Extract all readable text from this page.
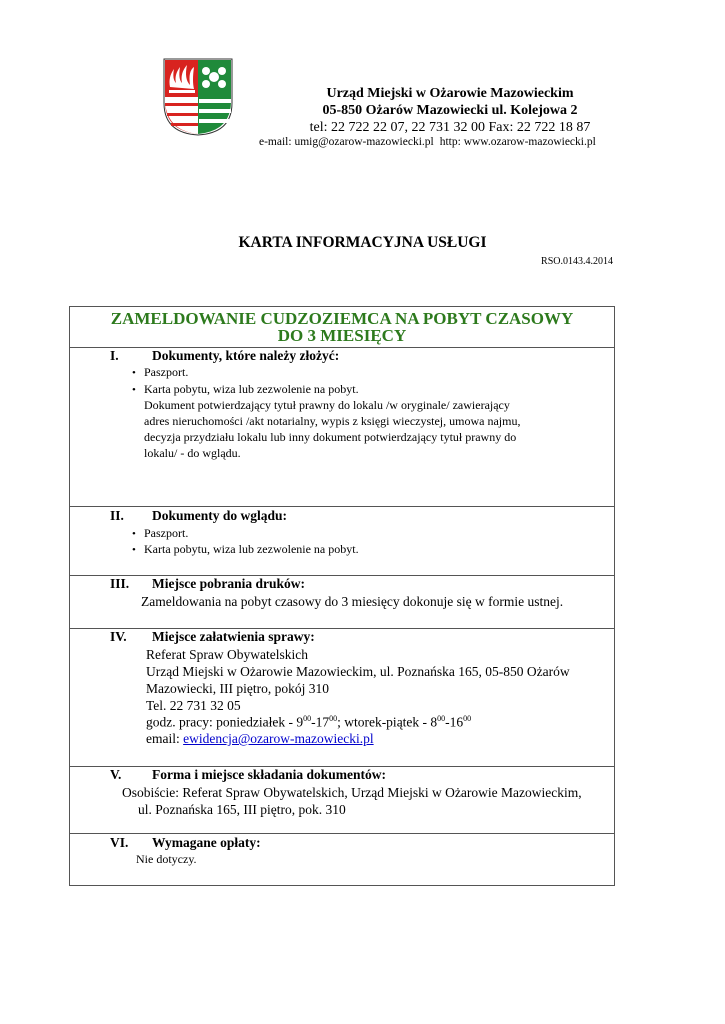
Urząd Miejski w Ożarowie Mazowieckim
05-850 Ożarów Mazowiecki ul. Kolejowa 2
tel: 22 722 22 07, 22 731 32 00 Fax: 22 722 18 87
e-mail: umig@ozarow-mazowiecki.pl http: www.ozarow-mazowiecki.pl
KARTA INFORMACYJNA USŁUGI
RSO.0143.4.2014
ZAMELDOWANIE CUDZOZIEMCA NA POBYT CZASOWY
DO 3 MIESIĘCY
I. Dokumenty, które należy złożyć:
• Paszport.
• Karta pobytu, wiza lub zezwolenie na pobyt.
Dokument potwierdzający tytuł prawny do lokalu /w oryginale/ zawierający
adres nieruchomości /akt notarialny, wypis z księgi wieczystej, umowa najmu,
decyzja przydziału lokalu lub inny dokument potwierdzający tytuł prawny do
lokalu/ - do wglądu.
II. Dokumenty do wglądu:
• Paszport.
• Karta pobytu, wiza lub zezwolenie na pobyt.
III. Miejsce pobrania druków:
Zameldowania na pobyt czasowy do 3 miesięcy dokonuje się w formie ustnej.
IV. Miejsce załatwienia sprawy:
Referat Spraw Obywatelskich
Urząd Miejski w Ożarowie Mazowieckim, ul. Poznańska 165, 05-850 Ożarów
Mazowiecki, III piętro, pokój 310
Tel. 22 731 32 05
godz. pracy: poniedziałek - $9^{00}-17^{00}$; wtorek-piątek - $8^{00}-16^{00}$
email: ewidencja@ozarow-mazowiecki.pl
V. Forma i miejsce składania dokumentów:
Osobiście: Referat Spraw Obywatelskich, Urząd Miejski w Ożarowie Mazowieckim,
ul. Poznańska 165, III piętro, pok. 310
VI. Wymagane opłaty:
Nie dotyczy.
